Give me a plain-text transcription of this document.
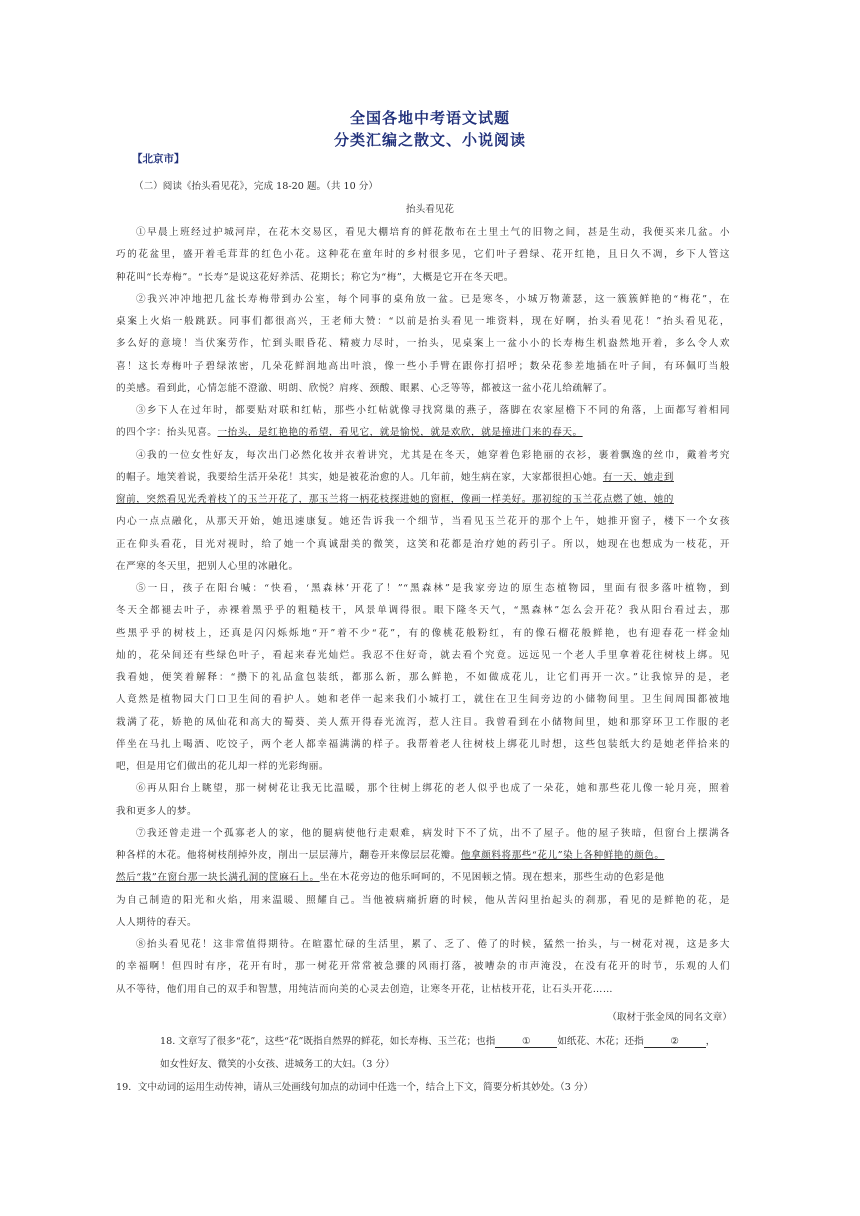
全国各地中考语文试题
分类汇编之散文、小说阅读
【北京市】
（二）阅读《抬头看见花》，完成 18-20 题。（共 10 分）
抬头看见花
①早晨上班经过护城河岸，在花木交易区，看见大棚培育的鲜花散布在土里土气的旧物之间，甚是生动，我便买来几盆。小
巧的花盆里，盛开着毛茸茸的红色小花。这种花在童年时的乡村很多见，它们叶子碧绿、花开红艳，且日久不凋，乡下人管这
种花叫“长寿梅”。“长寿”是说这花好养活、花期长；称它为“梅”，大概是它开在冬天吧。
②我兴冲冲地把几盆长寿梅带到办公室，每个同事的桌角放一盆。已是寒冬，小城万物萧瑟，这一簇簇鲜艳的“梅花”，在
桌案上火焰一般跳跃。同事们都很高兴，王老师大赞：“以前是抬头看见一堆资料，现在好啊，抬头看见花！”抬头看见花，
多么好的意境！当伏案劳作，忙到头眼昏花、精疲力尽时，一抬头，见桌案上一盆小小的长寿梅生机盎然地开着，多么令人欢
喜！这长寿梅叶子碧绿浓密，几朵花鲜润地高出叶浪，像一些小手臂在跟你打招呼；数朵花参差地插在叶子间，有环佩叮当般
的美感。看到此，心情怎能不澄澈、明朗、欣悦？肩疼、颈酸、眼累、心乏等等，都被这一盆小花儿给疏解了。
③乡下人在过年时，都要贴对联和红帖，那些小红帖就像寻找窝巢的燕子，落脚在农家屋檐下不同的角落，上面都写着相同
的四个字：抬头见喜。一抬头，是红艳艳的希望，看见它，就是愉悦，就是欢欣，就是撞进门来的春天。
④我的一位女性好友，每次出门必然化妆并衣着讲究，尤其是在冬天，她穿着色彩艳丽的衣衫，裹着飘逸的丝巾，戴着考究
的帽子。地笑着说，我要给生活开朵花！其实，她是被花治愈的人。几年前，她生病在家，大家都很担心她。有一天，她走到
窗前，突然看见光秃着枝丫的玉兰开花了，那玉兰将一柄花枝探进她的窗框，像画一样美好。那初绽的玉兰花点燃了她，她的
内心一点点融化，从那天开始，她迅速康复。她还告诉我一个细节，当看见玉兰花开的那个上午，她推开窗子，楼下一个女孩
正在仰头看花，目光对视时，给了她一个真诚甜美的微笑，这笑和花都是治疗她的药引子。所以，她现在也想成为一枝花，开
在严寒的冬天里，把别人心里的冰融化。
⑤一日，孩子在阳台喊：“快看，‘黑森林’开花了！”“黑森林”是我家旁边的原生态植物园，里面有很多落叶植物，到
冬天全都褪去叶子，赤裸着黑乎乎的粗糙枝干，风景单调得很。眼下隆冬天气，“黑森林”怎么会开花？我从阳台看过去，那
些黑乎乎的树枝上，还真是闪闪烁烁地“开”着不少“花”，有的像桃花般粉红，有的像石榴花般鲜艳，也有迎春花一样金灿
灿的，花朵间还有些绿色叶子，看起来春光灿烂。我忍不住好奇，就去看个究竟。远远见一个老人手里拿着花往树枝上绑。见
我看她，便笑着解释：“攒下的礼品盒包装纸，都那么新，那么鲜艳，不如做成花儿，让它们再开一次。”让我惊异的是，老
人竟然是植物园大门口卫生间的看护人。她和老伴一起来我们小城打工，就住在卫生间旁边的小储物间里。卫生间周围都被地
栽满了花，娇艳的凤仙花和高大的蜀葵、美人蕉开得春光流泻，惹人注目。我曾看到在小储物间里，她和那穿环卫工作服的老
伴坐在马扎上喝酒、吃饺子，两个老人都幸福满满的样子。我帮着老人往树枝上绑花儿时想，这些包装纸大约是她老伴拾来的
吧，但是用它们做出的花儿却一样的光彩绚丽。
⑥再从阳台上眺望，那一树树花让我无比温暖，那个往树上绑花的老人似乎也成了一朵花，她和那些花儿像一轮月亮，照着
我和更多人的梦。
⑦我还曾走进一个孤寡老人的家，他的腿病使他行走艰难，病发时下不了炕，出不了屋子。他的屋子狭暗，但窗台上摆满各
种各样的木花。他将树枝削掉外皮，削出一层层薄片，翻卷开来像层层花瓣。他拿颜料将那些“花儿”染上各种鲜艳的颜色。
然后“栽”在窗台那一块长满孔洞的筐麻石上。坐在木花旁边的他乐呵呵的，不见困顿之情。现在想来，那些生动的色彩是他
为自己制造的阳光和火焰，用来温暖、照耀自己。当他被病痛折磨的时候，他从苦闷里抬起头的刹那，看见的是鲜艳的花，是
人人期待的春天。
⑧抬头看见花！这非常值得期待。在暄嚣忙碌的生活里，累了、乏了、倦了的时候，猛然一抬头，与一树花对视，这是多大
的幸福啊！但四时有序，花开有时，那一树花开常常被急骤的风雨打落，被嘈杂的市声淹没，在没有花开的时节，乐观的人们
从不等待，他们用自己的双手和智慧，用纯洁而向美的心灵去创造，让寒冬开花，让枯枝开花，让石头开花……
（取材于张金凤的同名文章）
18. 文章写了很多“花”，这些“花”既指自然界的鲜花，如长寿梅、玉兰花；也指	①	如纸花、木花；还指	②	，
如女性好友、微笑的小女孩、进城务工的大妇。（3 分）
19．文中动词的运用生动传神，请从三处画线句加点的动词中任选一个，结合上下文，简要分析其妙处。（3 分）
